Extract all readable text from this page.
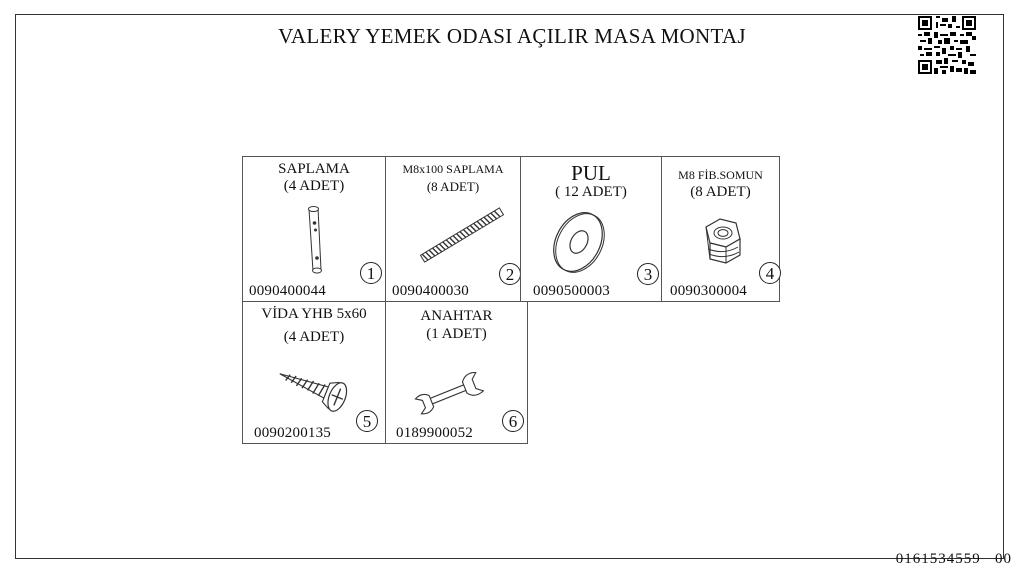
VALERY YEMEK ODASI AÇILIR MASA MONTAJ
SAPLAMA
(4 ADET)
1
0090400044
M8x100 SAPLAMA
(8 ADET)
2
0090400030
PUL
( 12 ADET)
3
0090500003
M8 FİB.SOMUN
(8 ADET)
4
0090300004
VİDA YHB 5x60
(4 ADET)
5
0090200135
ANAHTAR
(1 ADET)
6
0189900052
0161534559   00
